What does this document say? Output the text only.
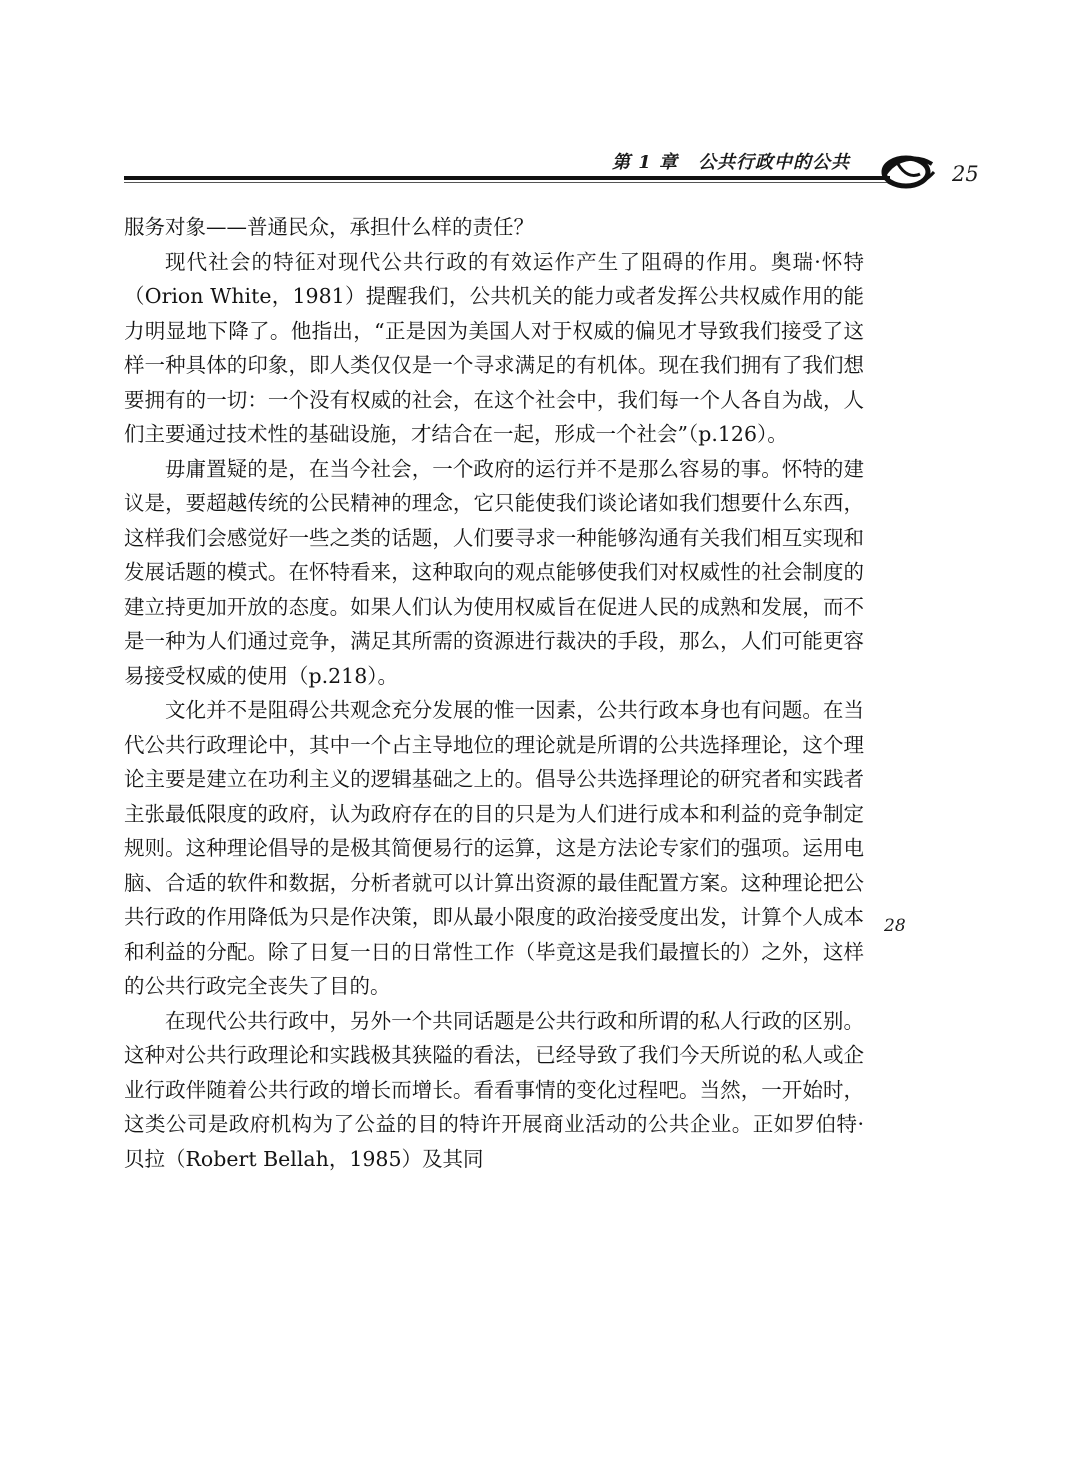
第 1 章 公共行政中的公共	25

服务对象——普通民众，承担什么样的责任？

现代社会的特征对现代公共行政的有效运作产生了阻碍的作用。奥瑞·怀特（Orion White，1981）提醒我们，公共机关的能力或者发挥公共权威作用的能力明显地下降了。他指出，“正是因为美国人对于权威的偏见才导致我们接受了这样一种具体的印象，即人类仅仅是一个寻求满足的有机体。现在我们拥有了我们想要拥有的一切：一个没有权威的社会，在这个社会中，我们每一个人各自为战，人们主要通过技术性的基础设施，才结合在一起，形成一个社会”（p.126）。

毋庸置疑的是，在当今社会，一个政府的运行并不是那么容易的事。怀特的建议是，要超越传统的公民精神的理念，它只能使我们谈论诸如我们想要什么东西，这样我们会感觉好一些之类的话题，人们要寻求一种能够沟通有关我们相互实现和发展话题的模式。在怀特看来，这种取向的观点能够使我们对权威性的社会制度的建立持更加开放的态度。如果人们认为使用权威旨在促进人民的成熟和发展，而不是一种为人们通过竞争，满足其所需的资源进行裁决的手段，那么，人们可能更容易接受权威的使用（p.218）。

文化并不是阻碍公共观念充分发展的惟一因素，公共行政本身也有问题。在当代公共行政理论中，其中一个占主导地位的理论就是所谓的公共选择理论，这个理论主要是建立在功利主义的逻辑基础之上的。倡导公共选择理论的研究者和实践者主张最低限度的政府，认为政府存在的目的只是为人们进行成本和利益的竞争制定规则。这种理论倡导的是极其简便易行的运算，这是方法论专家们的强项。运用电脑、合适的软件和数据，分析者就可以计算出资源的最佳配置方案。这种理论把公共行政的作用降低为只是作决策，即从最小限度的政治接受度出发，计算个人成本和利益的分配。除了日复一日的日常性工作（毕竟这是我们最擅长的）之外，这样的公共行政完全丧失了目的。

在现代公共行政中，另外一个共同话题是公共行政和所谓的私人行政的区别。这种对公共行政理论和实践极其狭隘的看法，已经导致了我们今天所说的私人或企业行政伴随着公共行政的增长而增长。看看事情的变化过程吧。当然，一开始时，这类公司是政府机构为了公益的目的特许开展商业活动的公共企业。正如罗伯特·贝拉（Robert Bellah，1985）及其同

28
